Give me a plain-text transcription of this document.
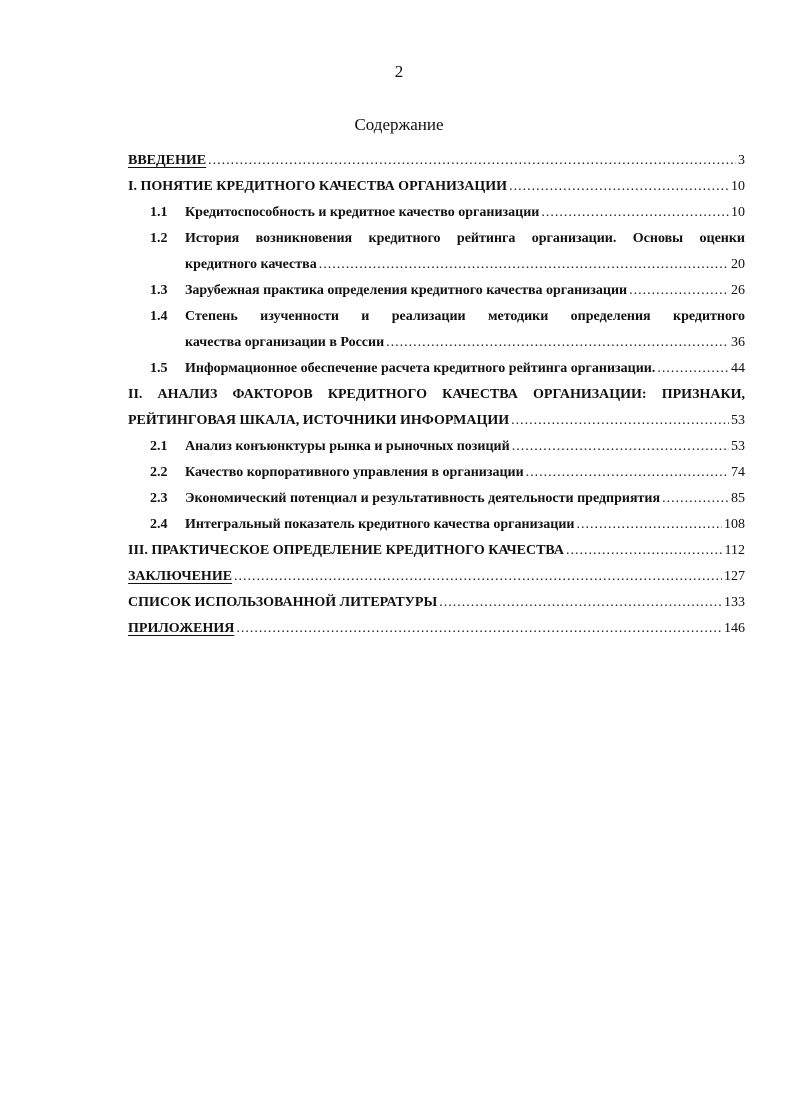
2
Содержание
ВВЕДЕНИЕ .....	3
I. ПОНЯТИЕ КРЕДИТНОГО КАЧЕСТВА ОРГАНИЗАЦИИ .....	10
1.1	Кредитоспособность и кредитное качество организации .....	10
1.2	История возникновения кредитного рейтинга организации. Основы оценки
кредитного качества .....	20
1.3	Зарубежная практика определения кредитного качества организации .....	26
1.4	Степень изученности и реализации методики определения кредитного
качества организации в России .....	36
1.5	Информационное обеспечение расчета кредитного рейтинга организации. .....	44
II. АНАЛИЗ ФАКТОРОВ КРЕДИТНОГО КАЧЕСТВА ОРГАНИЗАЦИИ: ПРИЗНАКИ,
РЕЙТИНГОВАЯ ШКАЛА, ИСТОЧНИКИ ИНФОРМАЦИИ .....	53
2.1	Анализ конъюнктуры рынка и рыночных позиций .....	53
2.2	Качество корпоративного управления в организации .....	74
2.3	Экономический потенциал и результативность деятельности предприятия .....	85
2.4	Интегральный показатель кредитного качества организации .....	108
III. ПРАКТИЧЕСКОЕ ОПРЕДЕЛЕНИЕ КРЕДИТНОГО КАЧЕСТВА .....	112
ЗАКЛЮЧЕНИЕ .....	127
СПИСОК ИСПОЛЬЗОВАННОЙ ЛИТЕРАТУРЫ .....	133
ПРИЛОЖЕНИЯ .....	146
